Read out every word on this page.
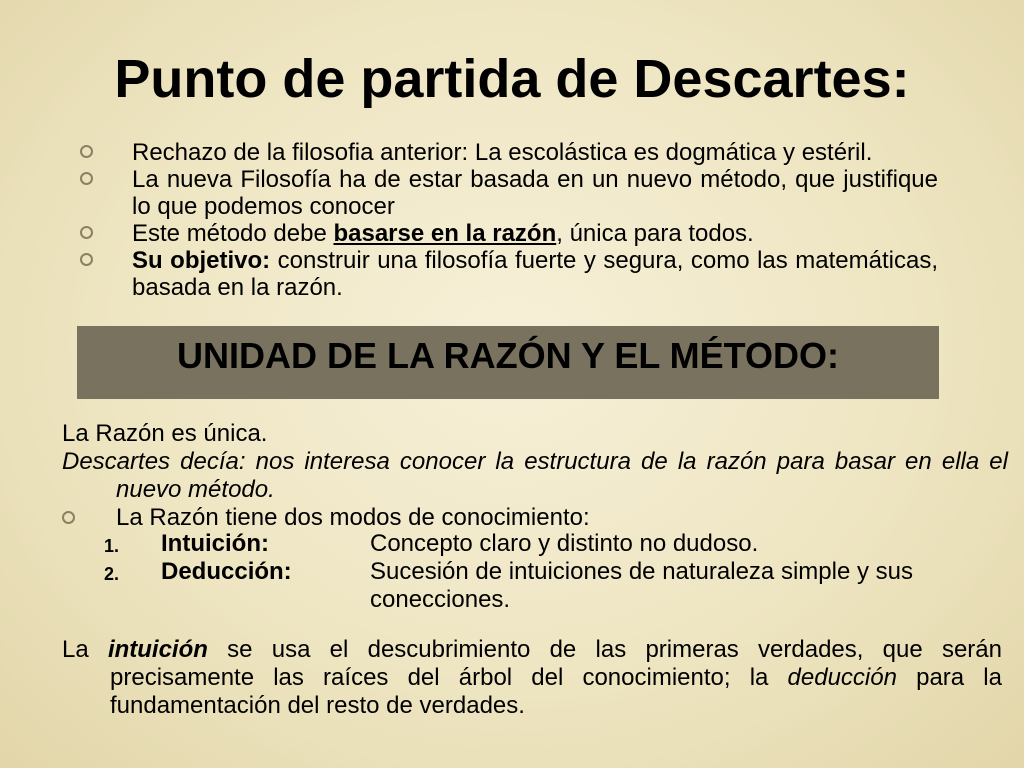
Punto de partida de Descartes:
Rechazo de la filosofia anterior: La escolástica es dogmática y estéril.
La nueva Filosofía ha de estar basada en un nuevo método, que justifique lo que podemos conocer
Este método debe basarse en la razón, única para todos.
Su objetivo: construir una filosofía fuerte y segura, como las matemáticas, basada en la razón.
UNIDAD DE LA RAZÓN Y EL MÉTODO:
La Razón es única.
Descartes decía: nos interesa conocer la estructura de la razón para basar en ella el nuevo método.
La Razón tiene dos modos de conocimiento:
1. Intuición:	Concepto claro y distinto no dudoso.
2. Deducción:	Sucesión de intuiciones de naturaleza simple y sus conecciones.
La intuición se usa el descubrimiento de las primeras verdades, que serán precisamente las raíces del árbol del conocimiento; la deducción para la fundamentación del resto de verdades.
